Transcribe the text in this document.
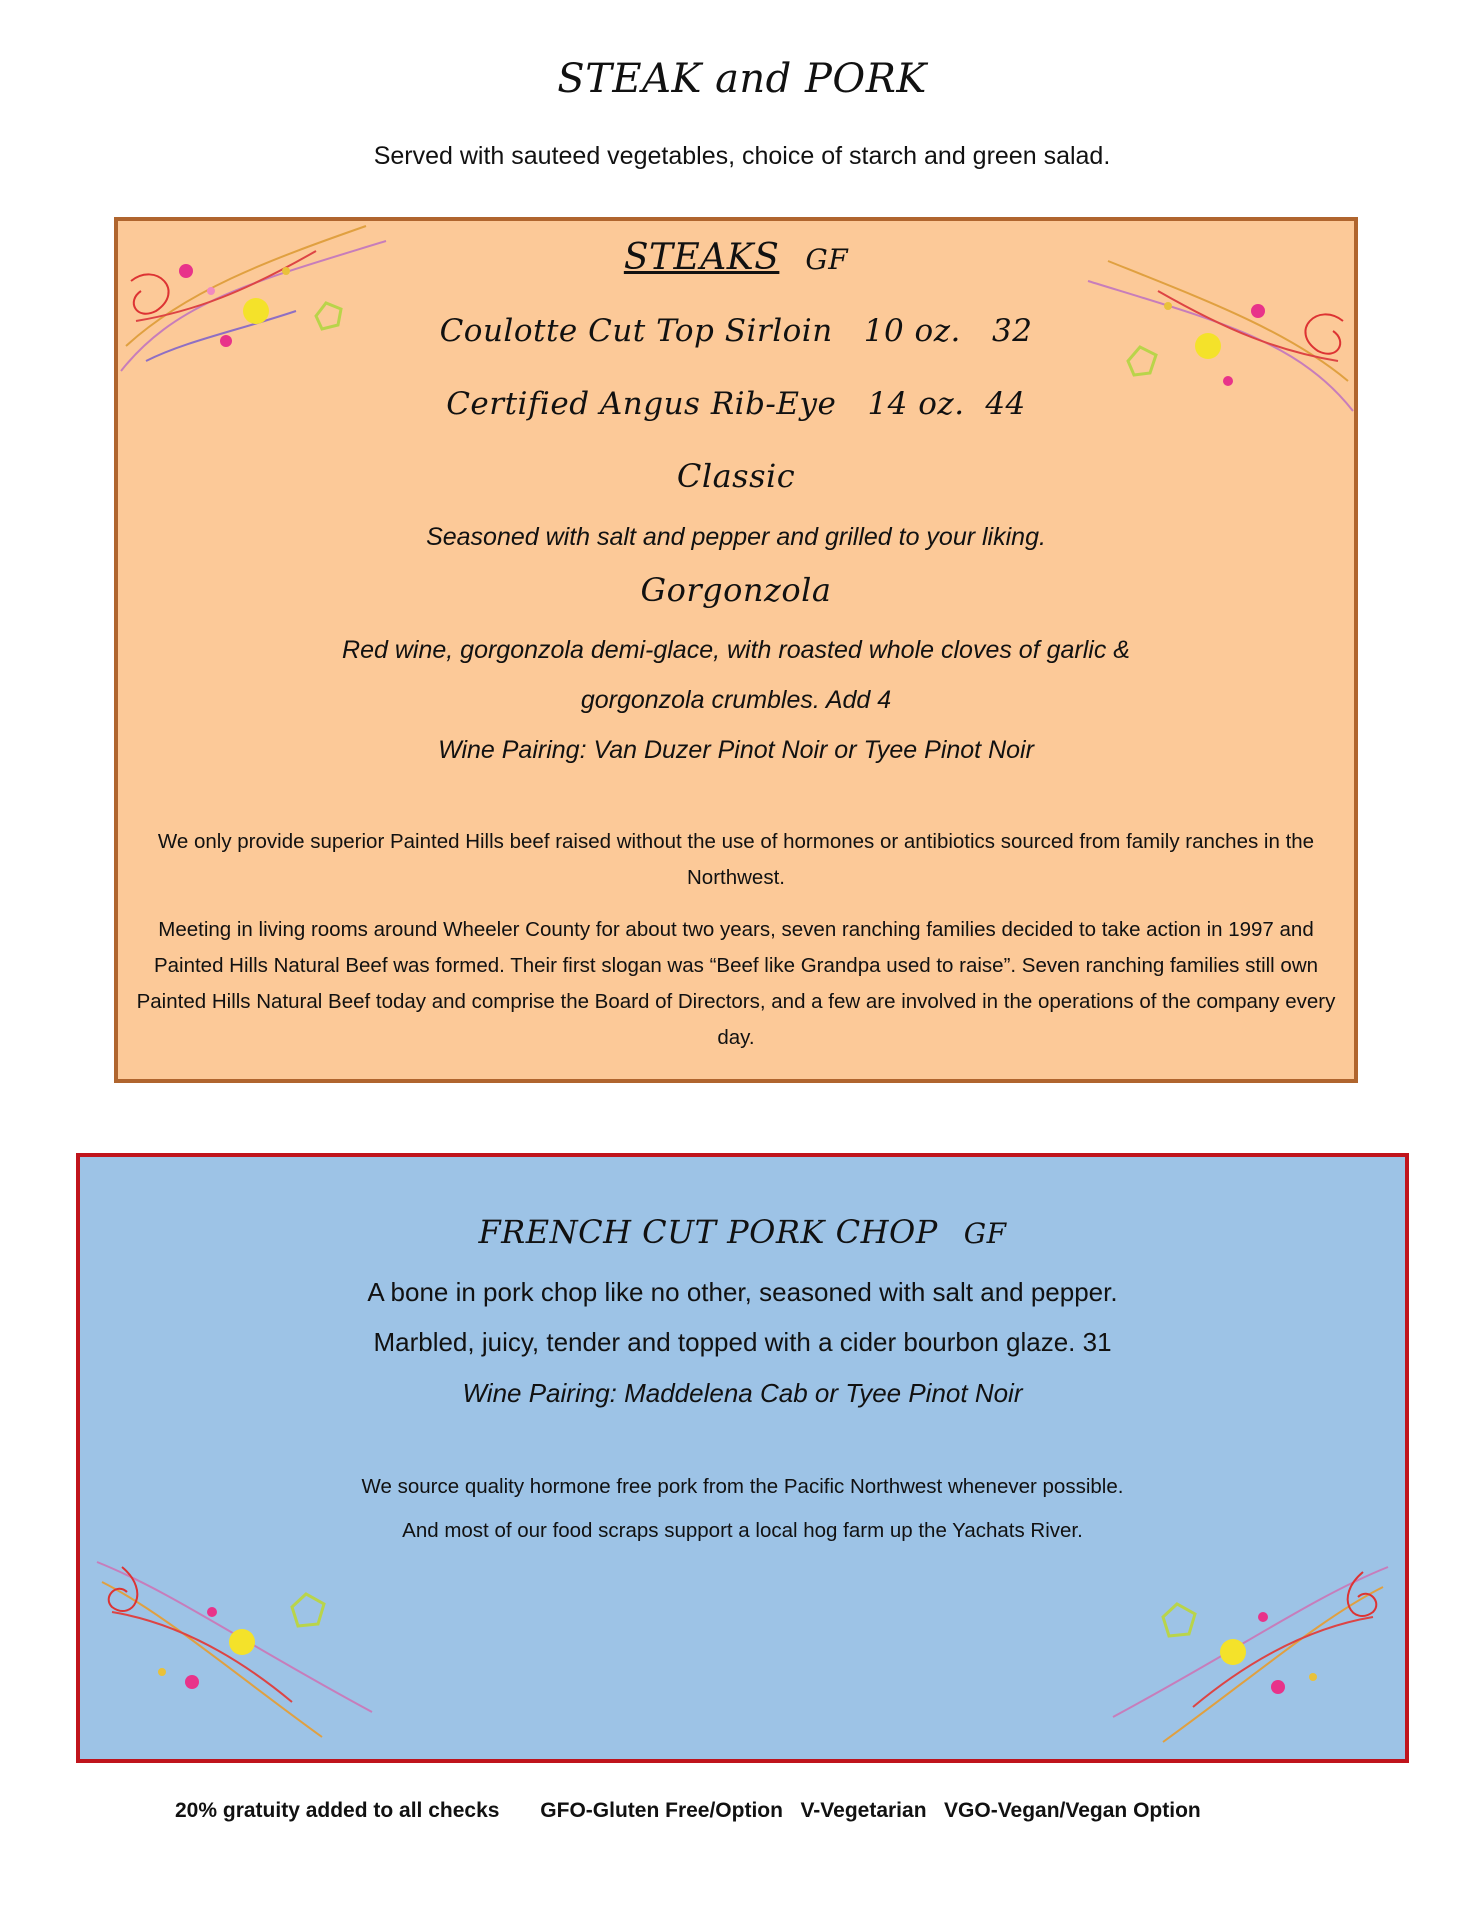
STEAK and PORK
Served with sauteed vegetables, choice of starch and green salad.
STEAKS GF
Coulotte Cut Top Sirloin 10 oz. 32
Certified Angus Rib-Eye 14 oz. 44
Classic
Seasoned with salt and pepper and grilled to your liking.
Gorgonzola
Red wine, gorgonzola demi-glace, with roasted whole cloves of garlic &
gorgonzola crumbles. Add 4
Wine Pairing: Van Duzer Pinot Noir or Tyee Pinot Noir
We only provide superior Painted Hills beef raised without the use of hormones or antibiotics sourced from family ranches in the Northwest.
Meeting in living rooms around Wheeler County for about two years, seven ranching families decided to take action in 1997 and Painted Hills Natural Beef was formed. Their first slogan was “Beef like Grandpa used to raise”. Seven ranching families still own Painted Hills Natural Beef today and comprise the Board of Directors, and a few are involved in the operations of the company every day.
FRENCH CUT PORK CHOP GF
A bone in pork chop like no other, seasoned with salt and pepper.
Marbled, juicy, tender and topped with a cider bourbon glaze. 31
Wine Pairing: Maddelena Cab or Tyee Pinot Noir
We source quality hormone free pork from the Pacific Northwest whenever possible.
And most of our food scraps support a local hog farm up the Yachats River.
20% gratuity added to all checks GFO-Gluten Free/Option   V-Vegetarian   VGO-Vegan/Vegan Option
